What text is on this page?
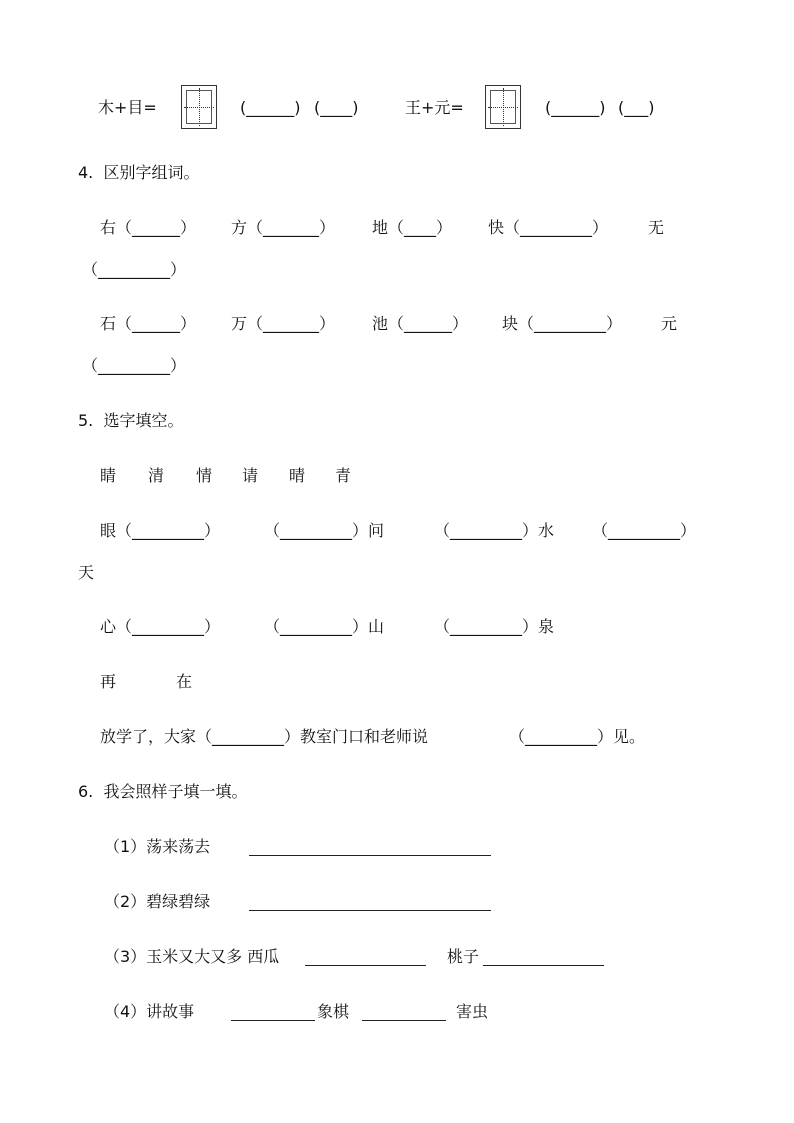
木+目=	(______) (____)	王+元=	(______) (___)
4.  区别字组词。
右（______） 方（_______） 地（____） 快（_________） 无
（_________）
石（______） 万（_______） 池（______） 块（_________） 元
（_________）
5.  选字填空。
睛 清 情 请 晴 青
眼（_________）	（_________）问	（_________）水 （_________）
天
心（_________）	（_________）山	（_________）泉
再	在
放学了，大家（_________）教室门口和老师说	（_________）见。
6.  我会照样子填一填。
（1）荡来荡去
（2）碧绿碧绿
（3）玉米又大又多 西瓜	桃子
（4）讲故事	象棋	害虫
